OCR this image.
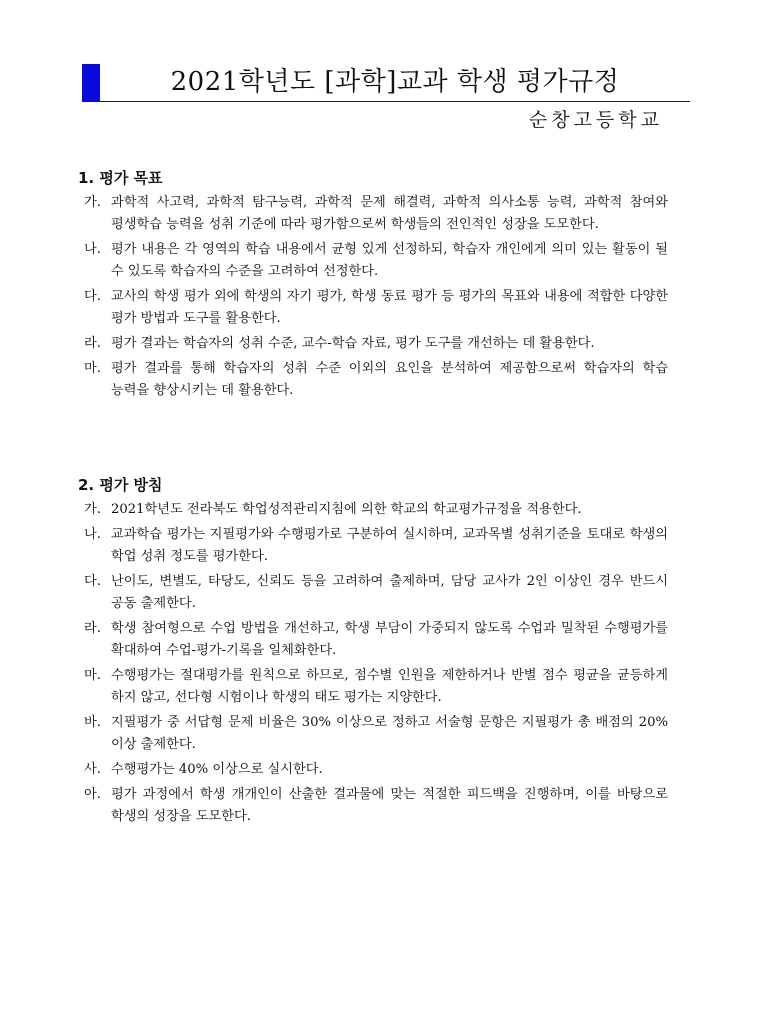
2021학년도 [과학]교과 학생 평가규정
순창고등학교
1. 평가 목표
가. 과학적 사고력, 과학적 탐구능력, 과학적 문제 해결력, 과학적 의사소통 능력, 과학적 참여와 평생학습 능력을 성취 기준에 따라 평가함으로써 학생들의 전인적인 성장을 도모한다.
나. 평가 내용은 각 영역의 학습 내용에서 균형 있게 선정하되, 학습자 개인에게 의미 있는 활동이 될 수 있도록 학습자의 수준을 고려하여 선정한다.
다. 교사의 학생 평가 외에 학생의 자기 평가, 학생 동료 평가 등 평가의 목표와 내용에 적합한 다양한 평가 방법과 도구를 활용한다.
라. 평가 결과는 학습자의 성취 수준, 교수-학습 자료, 평가 도구를 개선하는 데 활용한다.
마. 평가 결과를 통해 학습자의 성취 수준 이외의 요인을 분석하여 제공함으로써 학습자의 학습 능력을 향상시키는 데 활용한다.
2. 평가 방침
가. 2021학년도 전라북도 학업성적관리지침에 의한 학교의 학교평가규정을 적용한다.
나. 교과학습 평가는 지필평가와 수행평가로 구분하여 실시하며, 교과목별 성취기준을 토대로 학생의 학업 성취 정도를 평가한다.
다. 난이도, 변별도, 타당도, 신뢰도 등을 고려하여 출제하며, 담당 교사가 2인 이상인 경우 반드시 공동 출제한다.
라. 학생 참여형으로 수업 방법을 개선하고, 학생 부담이 가중되지 않도록 수업과 밀착된 수행평가를 확대하여 수업-평가-기록을 일체화한다.
마. 수행평가는 절대평가를 원칙으로 하므로, 점수별 인원을 제한하거나 반별 점수 평균을 균등하게 하지 않고, 선다형 시험이나 학생의 태도 평가는 지양한다.
바. 지필평가 중 서답형 문제 비율은 30% 이상으로 정하고 서술형 문항은 지필평가 총 배점의 20% 이상 출제한다.
사. 수행평가는 40% 이상으로 실시한다.
아. 평가 과정에서 학생 개개인이 산출한 결과물에 맞는 적절한 피드백을 진행하며, 이를 바탕으로 학생의 성장을 도모한다.
